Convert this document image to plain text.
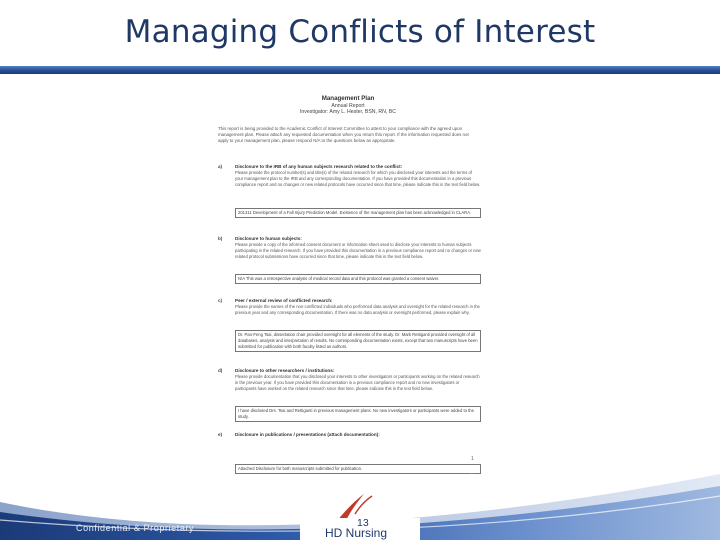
Managing Conflicts of Interest
Management Plan
Annual Report
Investigator: Amy L. Hester, BSN, RN, BC
This report is being provided to the Academic Conflict of Interest Committee to attest to your compliance with the agreed upon management plan. Please attach any requested documentation when you return this report. If the information requested does not apply to your management plan, please respond N/A to the questions below as appropriate.
a)	Disclosure to the IRB of any human subjects research related to the conflict:
Please provide the protocol number(s) and title(s) of the related research for which you disclosed your interests and the terms of your management plan to the IRB and any corresponding documentation. If you have provided this documentation in a previous compliance report and no changes or new related protocols have occurred since that time, please indicate this in the text field below.
201311 Development of a Fall Injury Prediction Model. Existence of the management plan has been acknowledged in CLARA.
b)	Disclosure to human subjects:
Please provide a copy of the informed consent document or information sheet used to disclose your interests to human subjects participating in the related research. If you have provided this documentation in a previous compliance report and no changes or new related protocol submissions have occurred since that time, please indicate this in the text field below.
N/A This was a retrospective analysis of medical record data and this protocol was granted a consent waiver.
c)	Peer / external review of conflicted research:
Please provide the names of the non-conflicted individuals who performed data analysis and oversight for the related research in the previous year and any corresponding documentation. If there was no data analysis or oversight performed, please explain why.
Dr. Pao-Feng Tsai, dissertation chair provided oversight for all elements of the study. Dr. Mark Rettiganti provided oversight of all databases, analysis and interpretation of results. No corresponding documentation exists, except that two manuscripts have been submitted for publication with both faculty listed as authors.
d)	Disclosure to other researchers / institutions:
Please provide documentation that you disclosed your interests to other investigators or participants working on the related research in the previous year. If you have provided this documentation in a previous compliance report and no new investigators or participants have worked on the related research since that time, please indicate this in the text field below.
I have disclosed Drs. Tsai and Rettiganti in previous management plans. No new investigators or participants were added to the study.
e)	Disclosure in publications / presentations (attach documentation):
Attached Disclosure for both manuscripts submitted for publication.
1
Confidential & Proprietary	13
HD Nursing
